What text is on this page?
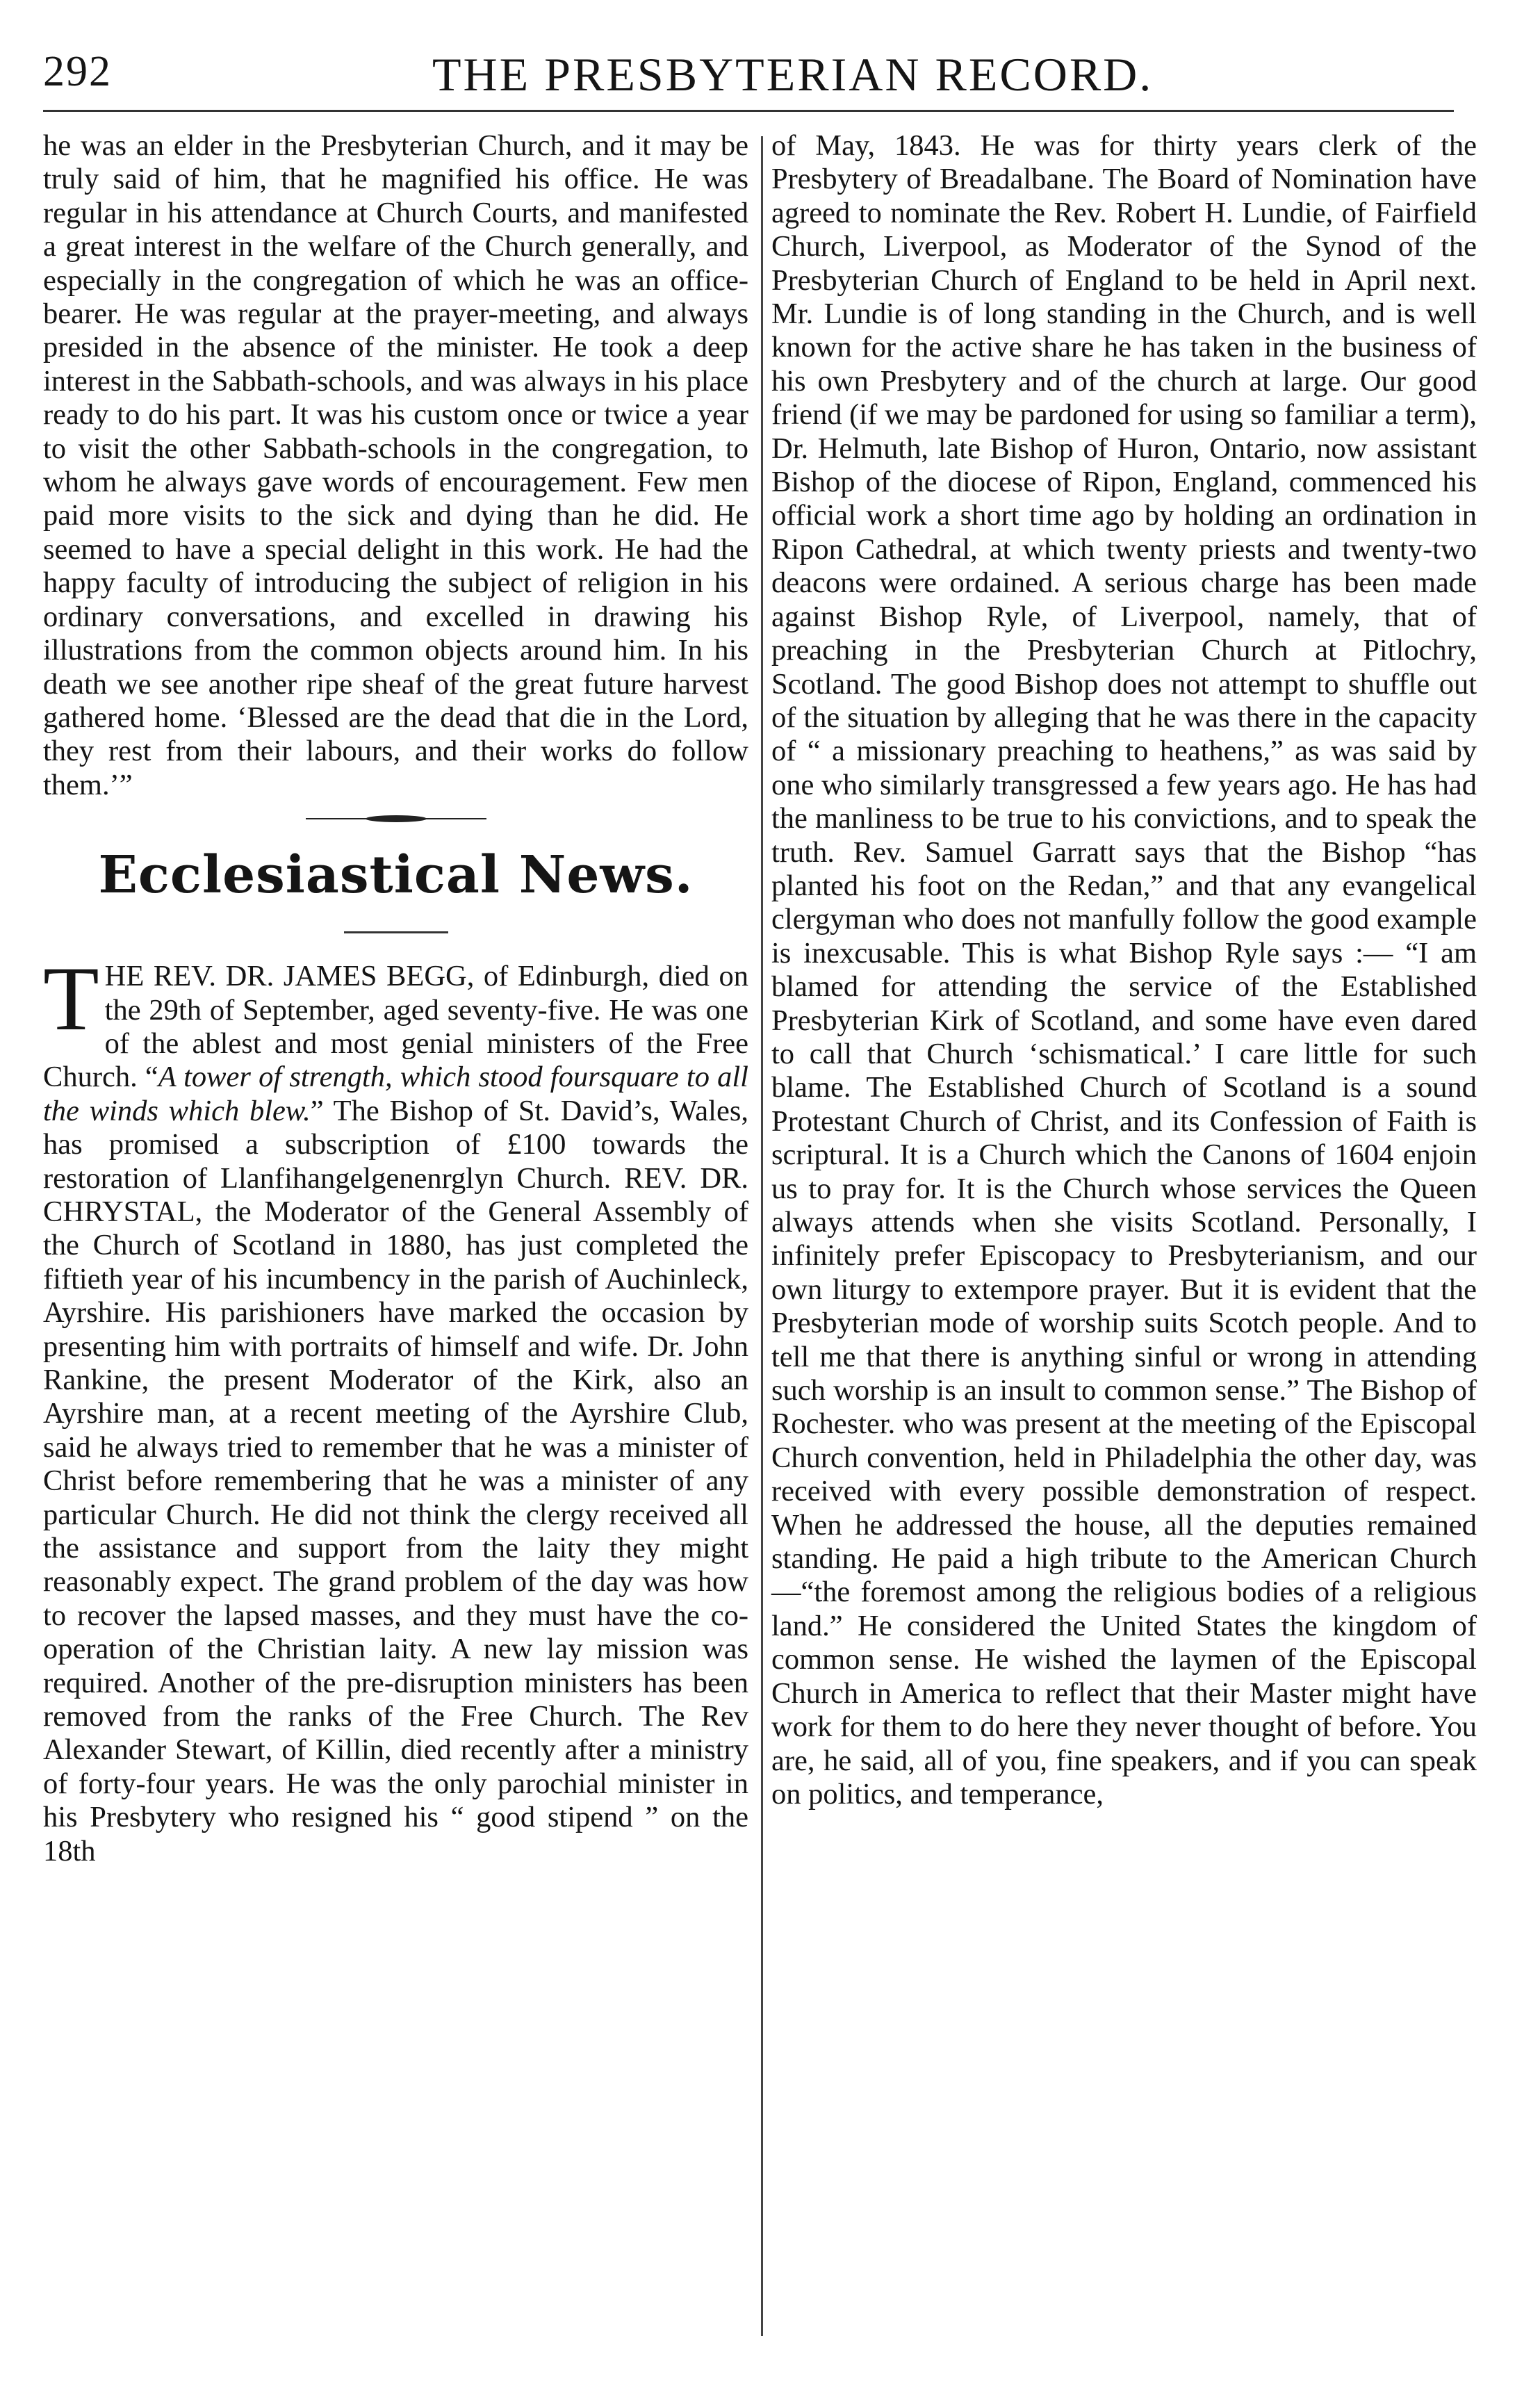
292	THE PRESBYTERIAN RECORD.

he was an elder in the Presbyterian Church, and it may be truly said of him, that he magnified his office. He was regular in his attendance at Church Courts, and manifested a great interest in the welfare of the Church generally, and especially in the congregation of which he was an office-bearer. He was regular at the prayer-meeting, and always presided in the absence of the minister. He took a deep interest in the Sabbath-schools, and was always in his place ready to do his part. It was his custom once or twice a year to visit the other Sabbath-schools in the congregation, to whom he always gave words of encouragement. Few men paid more visits to the sick and dying than he did. He seemed to have a special delight in this work. He had the happy faculty of introducing the subject of religion in his ordinary conversations, and excelled in drawing his illustrations from the common objects around him. In his death we see another ripe sheaf of the great future harvest gathered home. ‘Blessed are the dead that die in the Lord, they rest from their labours, and their works do follow them.’”

Ecclesiastical News.

THE REV. DR. JAMES BEGG, of Edinburgh, died on the 29th of September, aged seventy-five. He was one of the ablest and most genial ministers of the Free Church. “A tower of strength, which stood foursquare to all the winds which blew.” The Bishop of St. David’s, Wales, has promised a subscription of £100 towards the restoration of Llanfihangelgenenrglyn Church. REV. DR. CHRYSTAL, the Moderator of the General Assembly of the Church of Scotland in 1880, has just completed the fiftieth year of his incumbency in the parish of Auchinleck, Ayrshire. His parishioners have marked the occasion by presenting him with portraits of himself and wife. Dr. John Rankine, the present Moderator of the Kirk, also an Ayrshire man, at a recent meeting of the Ayrshire Club, said he always tried to remember that he was a minister of Christ before remembering that he was a minister of any particular Church. He did not think the clergy received all the assistance and support from the laity they might reasonably expect. The grand problem of the day was how to recover the lapsed masses, and they must have the co-operation of the Christian laity. A new lay mission was required. Another of the pre-disruption ministers has been removed from the ranks of the Free Church. The Rev Alexander Stewart, of Killin, died recently after a ministry of forty-four years. He was the only parochial minister in his Presbytery who resigned his “ good stipend ” on the 18th

of May, 1843. He was for thirty years clerk of the Presbytery of Breadalbane. The Board of Nomination have agreed to nominate the Rev. Robert H. Lundie, of Fairfield Church, Liverpool, as Moderator of the Synod of the Presbyterian Church of England to be held in April next. Mr. Lundie is of long standing in the Church, and is well known for the active share he has taken in the business of his own Presbytery and of the church at large. Our good friend (if we may be pardoned for using so familiar a term), Dr. Helmuth, late Bishop of Huron, Ontario, now assistant Bishop of the diocese of Ripon, England, commenced his official work a short time ago by holding an ordination in Ripon Cathedral, at which twenty priests and twenty-two deacons were ordained. A serious charge has been made against Bishop Ryle, of Liverpool, namely, that of preaching in the Presbyterian Church at Pitlochry, Scotland. The good Bishop does not attempt to shuffle out of the situation by alleging that he was there in the capacity of “ a missionary preaching to heathens,” as was said by one who similarly transgressed a few years ago. He has had the manliness to be true to his convictions, and to speak the truth. Rev. Samuel Garratt says that the Bishop “has planted his foot on the Redan,” and that any evangelical clergyman who does not manfully follow the good example is inexcusable. This is what Bishop Ryle says :— “I am blamed for attending the service of the Established Presbyterian Kirk of Scotland, and some have even dared to call that Church ‘schismatical.’ I care little for such blame. The Established Church of Scotland is a sound Protestant Church of Christ, and its Confession of Faith is scriptural. It is a Church which the Canons of 1604 enjoin us to pray for. It is the Church whose services the Queen always attends when she visits Scotland. Personally, I infinitely prefer Episcopacy to Presbyterianism, and our own liturgy to extempore prayer. But it is evident that the Presbyterian mode of worship suits Scotch people. And to tell me that there is anything sinful or wrong in attending such worship is an insult to common sense.” The Bishop of Rochester. who was present at the meeting of the Episcopal Church convention, held in Philadelphia the other day, was received with every possible demonstration of respect. When he addressed the house, all the deputies remained standing. He paid a high tribute to the American Church—“the foremost among the religious bodies of a religious land.” He considered the United States the kingdom of common sense. He wished the laymen of the Episcopal Church in America to reflect that their Master might have work for them to do here they never thought of before. You are, he said, all of you, fine speakers, and if you can speak on politics, and temperance,
